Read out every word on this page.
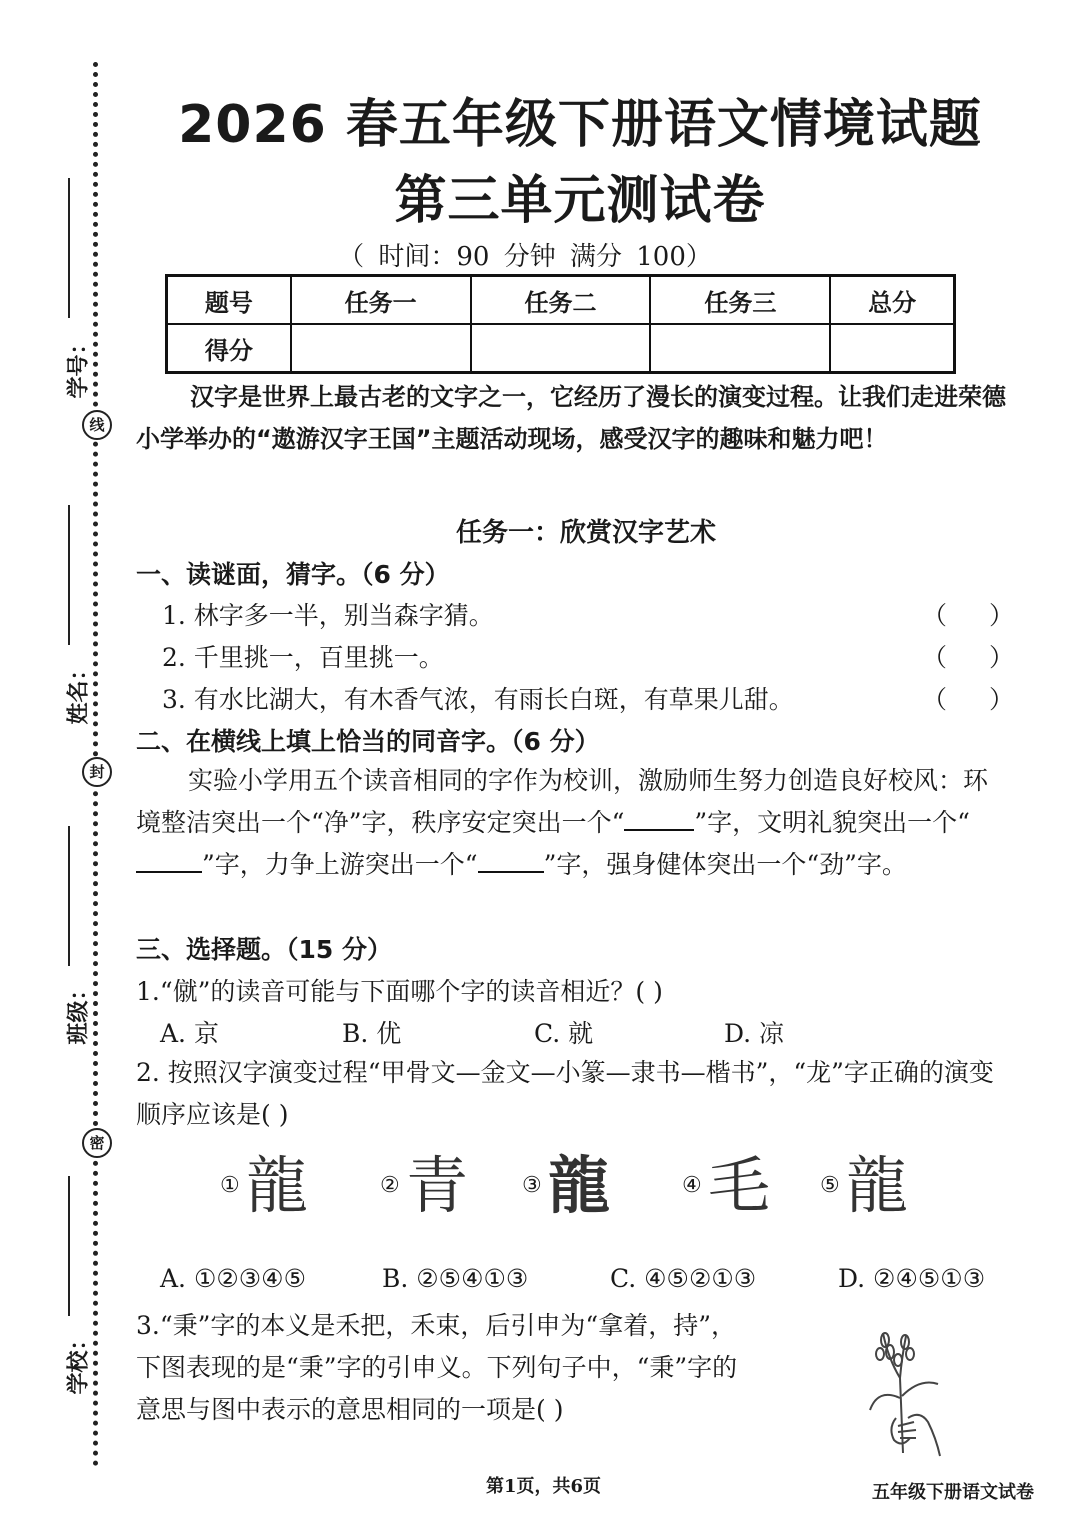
线
封
密
学号：
姓名：
班级：
学校：
2026 春五年级下册语文情境试题
第三单元测试卷
（ 时间：90 分钟 满分 100）
题号	任务一	任务二	任务三	总分
得分				
汉字是世界上最古老的文字之一，它经历了漫长的演变过程。让我们走进荣德小学举办的“遨游汉字王国”主题活动现场，感受汉字的趣味和魅力吧！
任务一：欣赏汉字艺术
一、读谜面，猜字。（6 分）
1. 林字多一半，别当森字猜。	（）
2. 千里挑一，百里挑一。	（）
3. 有水比湖大，有木香气浓，有雨长白斑，有草果儿甜。	（）
二、在横线上填上恰当的同音字。（6 分）
实验小学用五个读音相同的字作为校训，激励师生努力创造良好校风：环境整洁突出一个“净”字，秩序安定突出一个“	”字，文明礼貌突出一个“”字，力争上游突出一个“	”字，强身健体突出一个“劲”字。
三、选择题。（15 分）
1.“僦”的读音可能与下面哪个字的读音相近？( )
A. 京	B. 优	C. 就	D. 凉
2. 按照汉字演变过程“甲骨文—金文—小篆—隶书—楷书”，“龙”字正确的演变顺序应该是( )
① 龍	② 青 ③ 龍	④ 毛 ⑤ 龍
A. ①②③④⑤	B. ②⑤④①③	C. ④⑤②①③	D. ②④⑤①③
3.“秉”字的本义是禾把，禾束，后引申为“拿着，持”，
下图表现的是“秉”字的引申义。下列句子中，“秉”字的
意思与图中表示的意思相同的一项是( )
第1页，共6页	五年级下册语文试卷
